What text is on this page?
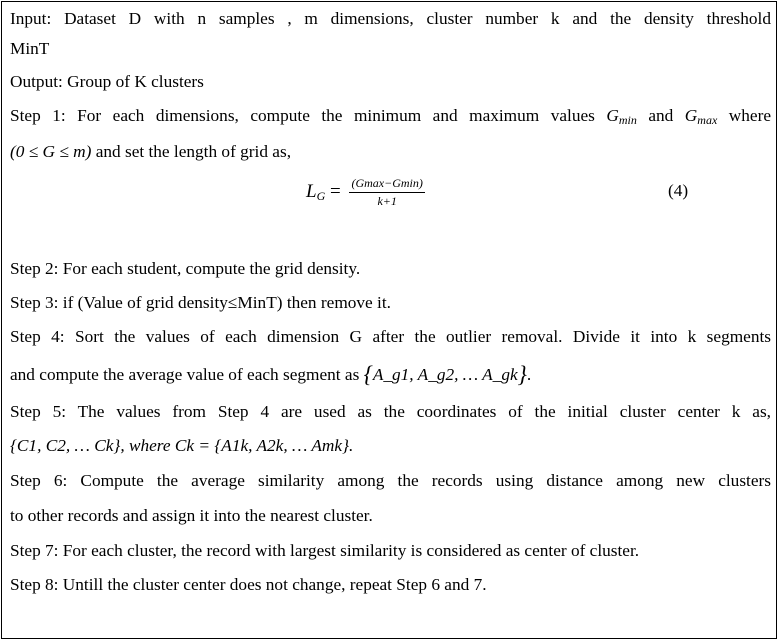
Input: Dataset D with n samples , m dimensions, cluster number k and the density threshold
MinT
Output: Group of K clusters
Step 1: For each dimensions, compute the minimum and maximum values $G_{min}$ and $G_{max}$ where
(0 ≤ G ≤ m) and set the length of grid as,
$L_G = \frac{(Gmax-Gmin)}{k+1}$	(4)
Step 2: For each student, compute the grid density.
Step 3: if (Value of grid density≤MinT) then remove it.
Step 4: Sort the values of each dimension G after the outlier removal. Divide it into k segments
and compute the average value of each segment as {A_g1, A_g2, … A_gk}.
Step 5: The values from Step 4 are used as the coordinates of the initial cluster center k as,
{C1, C2, … Ck}, where Ck = {A1k, A2k, … Amk}.
Step 6: Compute the average similarity among the records using distance among new clusters
to other records and assign it into the nearest cluster.
Step 7: For each cluster, the record with largest similarity is considered as center of cluster.
Step 8: Untill the cluster center does not change, repeat Step 6 and 7.
